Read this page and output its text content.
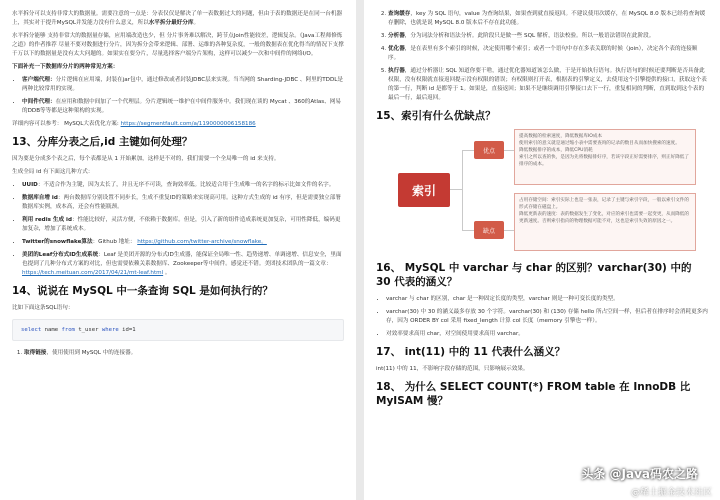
水平拆分可以支持非常大的数据量。需要注意的一点是：分表仅仅是解决了单一表数据过大的问题，但由于表的数据还是在同一台机器上，其实对于提升MySQL并发能力没有什么意义，所以水平拆分最好分库。

水平拆分能够 支持非常大的数据量存储，应用端改造也少，但 分片事务难以解决，跨节点Join性能较差，逻辑复杂。《Java工程师修炼之道》的作者推荐 尽量不要对数据进行分片，因为拆分会带来逻辑、部署、运维的各种复杂度，一般的数据表在优化得当的情况下支撑千万以下的数据量是没有太大问题的。如果实在要分片，尽量选择客户端分片架构，这样可以减少一次和中间件的网络I/O。

下面补充一下数据库分片的两种常见方案：

• 客户端代理：分片逻辑在应用端，封装在jar包中，通过修改或者封装JDBC层来实现。当当网的 Sharding-JDBC 、阿里的TDDL是两种比较常用的实现。
• 中间件代理：在应用和数据中间加了一个代理层。分片逻辑统一维护在中间件服务中。我们现在谈的 Mycat 、360的Atlas、网易的DDB等等都是这种架构的实现。

详细内容可以参考： MySQL大表优化方案: https://segmentfault.com/a/1190000006158186

13、分库分表之后,id 主键如何处理？

因为要是分成多个表之后，每个表都是从 1 开始累加，这样是不对的，我们需要一个全局唯一的 id 来支持。

生成全局 id 有下面这几种方式：

• UUID：不适合作为主键，因为太长了，并且无序不可读，查询效率低。比较适合用于生成唯一的名字的标示比如文件的名字。
• 数据库自增 id：两台数据库分别设置不同步长，生成不重复ID的策略来实现高可用。这种方式生成的 id 有序，但是需要独立部署数据库实例，成本高，还会有性能瓶颈。
• 利用 redis 生成 id：性能比较好，灵活方便，不依赖于数据库。但是，引入了新的组件造成系统更加复杂，可用性降低，编码更加复杂，增加了系统成本。
• Twitter的snowflake算法：Github 地址： https://github.com/twitter-archive/snowflake。
• 美团的Leaf分布式ID生成系统：Leaf 是美团开源的分布式ID生成器，能保证全局唯一性、趋势递增、单调递增、信息安全，里面也提到了几种分布式方案的对比，但也需要依赖关系数据库、Zookeeper等中间件。感觉还不错。美团技术团队的一篇文章：https://tech.meituan.com/2017/04/21/mt-leaf.html 。
14、说说在 MySQL 中一条查询 SQL 是如何执行的？

比如下面这条SQL语句：

select name from t_user where id=1
1. 取得链接，使用使用到 MySQL 中的连接器。
2. 查询缓存，key 为 SQL 语句，value 为查询结果，如果查到就直接返回。不建议使用次缓存，在 MySQL 8.0 版本已经将查询缓存删除，也就是说 MySQL 8.0 版本后不存在此功能。
3. 分析器，分为词法分析和语法分析。此阶段只是做一些 SQL 解析，语法校验。所以一般语法错误在此阶段。
4. 优化器，是在表里有多个索引的时候，决定使用哪个索引；或者一个语句中存在多表关联的时候（join），决定各个表的连接顺序。
5. 执行器，通过分析器让 SQL 知道你要干啥，通过优化器知道该怎么做，于是开始执行语句。执行语句的时候还要判断是否具备此权限，没有权限就直接返回提示没有权限的错误；有权限则打开表，根据表的引擎定义，去使用这个引擎提供的接口，获取这个表的第一行，判断 id 是都等于 1。如果是，直接返回；如果不是继续调用引擎接口去下一行，重复相同的判断，直到取到这个表的最后一行，最后返回。
15、索引有什么优缺点？
索引
优点
缺点

提高数据的检索速度，降低数据库IO成本

使用索引的意义就是通过缩小表中需要查询的记录的数目从而加快搜索的速度。

降低数据排序的成本，降低CPU消耗

索引之所以查的快，是因为先将数据排好序，若该字段正好需要排序，则正好降低了排序的成本。

占用存储空间：索引实际上也是一张表，记录了主键与索引字段，一般以索引文件的形式存储在磁盘上。

降低更新表的速度：表的数据发生了变化，对应的索引也需要一起变更，从而降低的更新速度。否则索引指向的物理数据可能不对，这也是索引失效的原因之一。

16、 MySQL 中 varchar 与 char 的区别？varchar(30) 中的 30 代表的涵义？
• varchar 与 char 的区别，char 是一种固定长度的类型，varchar 则是一种可变长度的类型。
• varchar(30) 中 30 的涵义最多存放 30 个字符。varchar(30) 和 (130) 存储 hello 所占空间一样，但后者在排序时会消耗更多内存，因为 ORDER BY col 采用 fixed_length 计算 col 长度（memory 引擎也一样）。
• 对效率要求高用 char，对空间使用要求高用 varchar。
17、 int(11) 中的 11 代表什么涵义？

int(11) 中的 11，不影响字段存储的范围，只影响展示效果。

18、 为什么 SELECT COUNT(*) FROM table 在 InnoDB 比 MyISAM 慢？
头条 @Java码农之路
@稀土掘金技术社区
